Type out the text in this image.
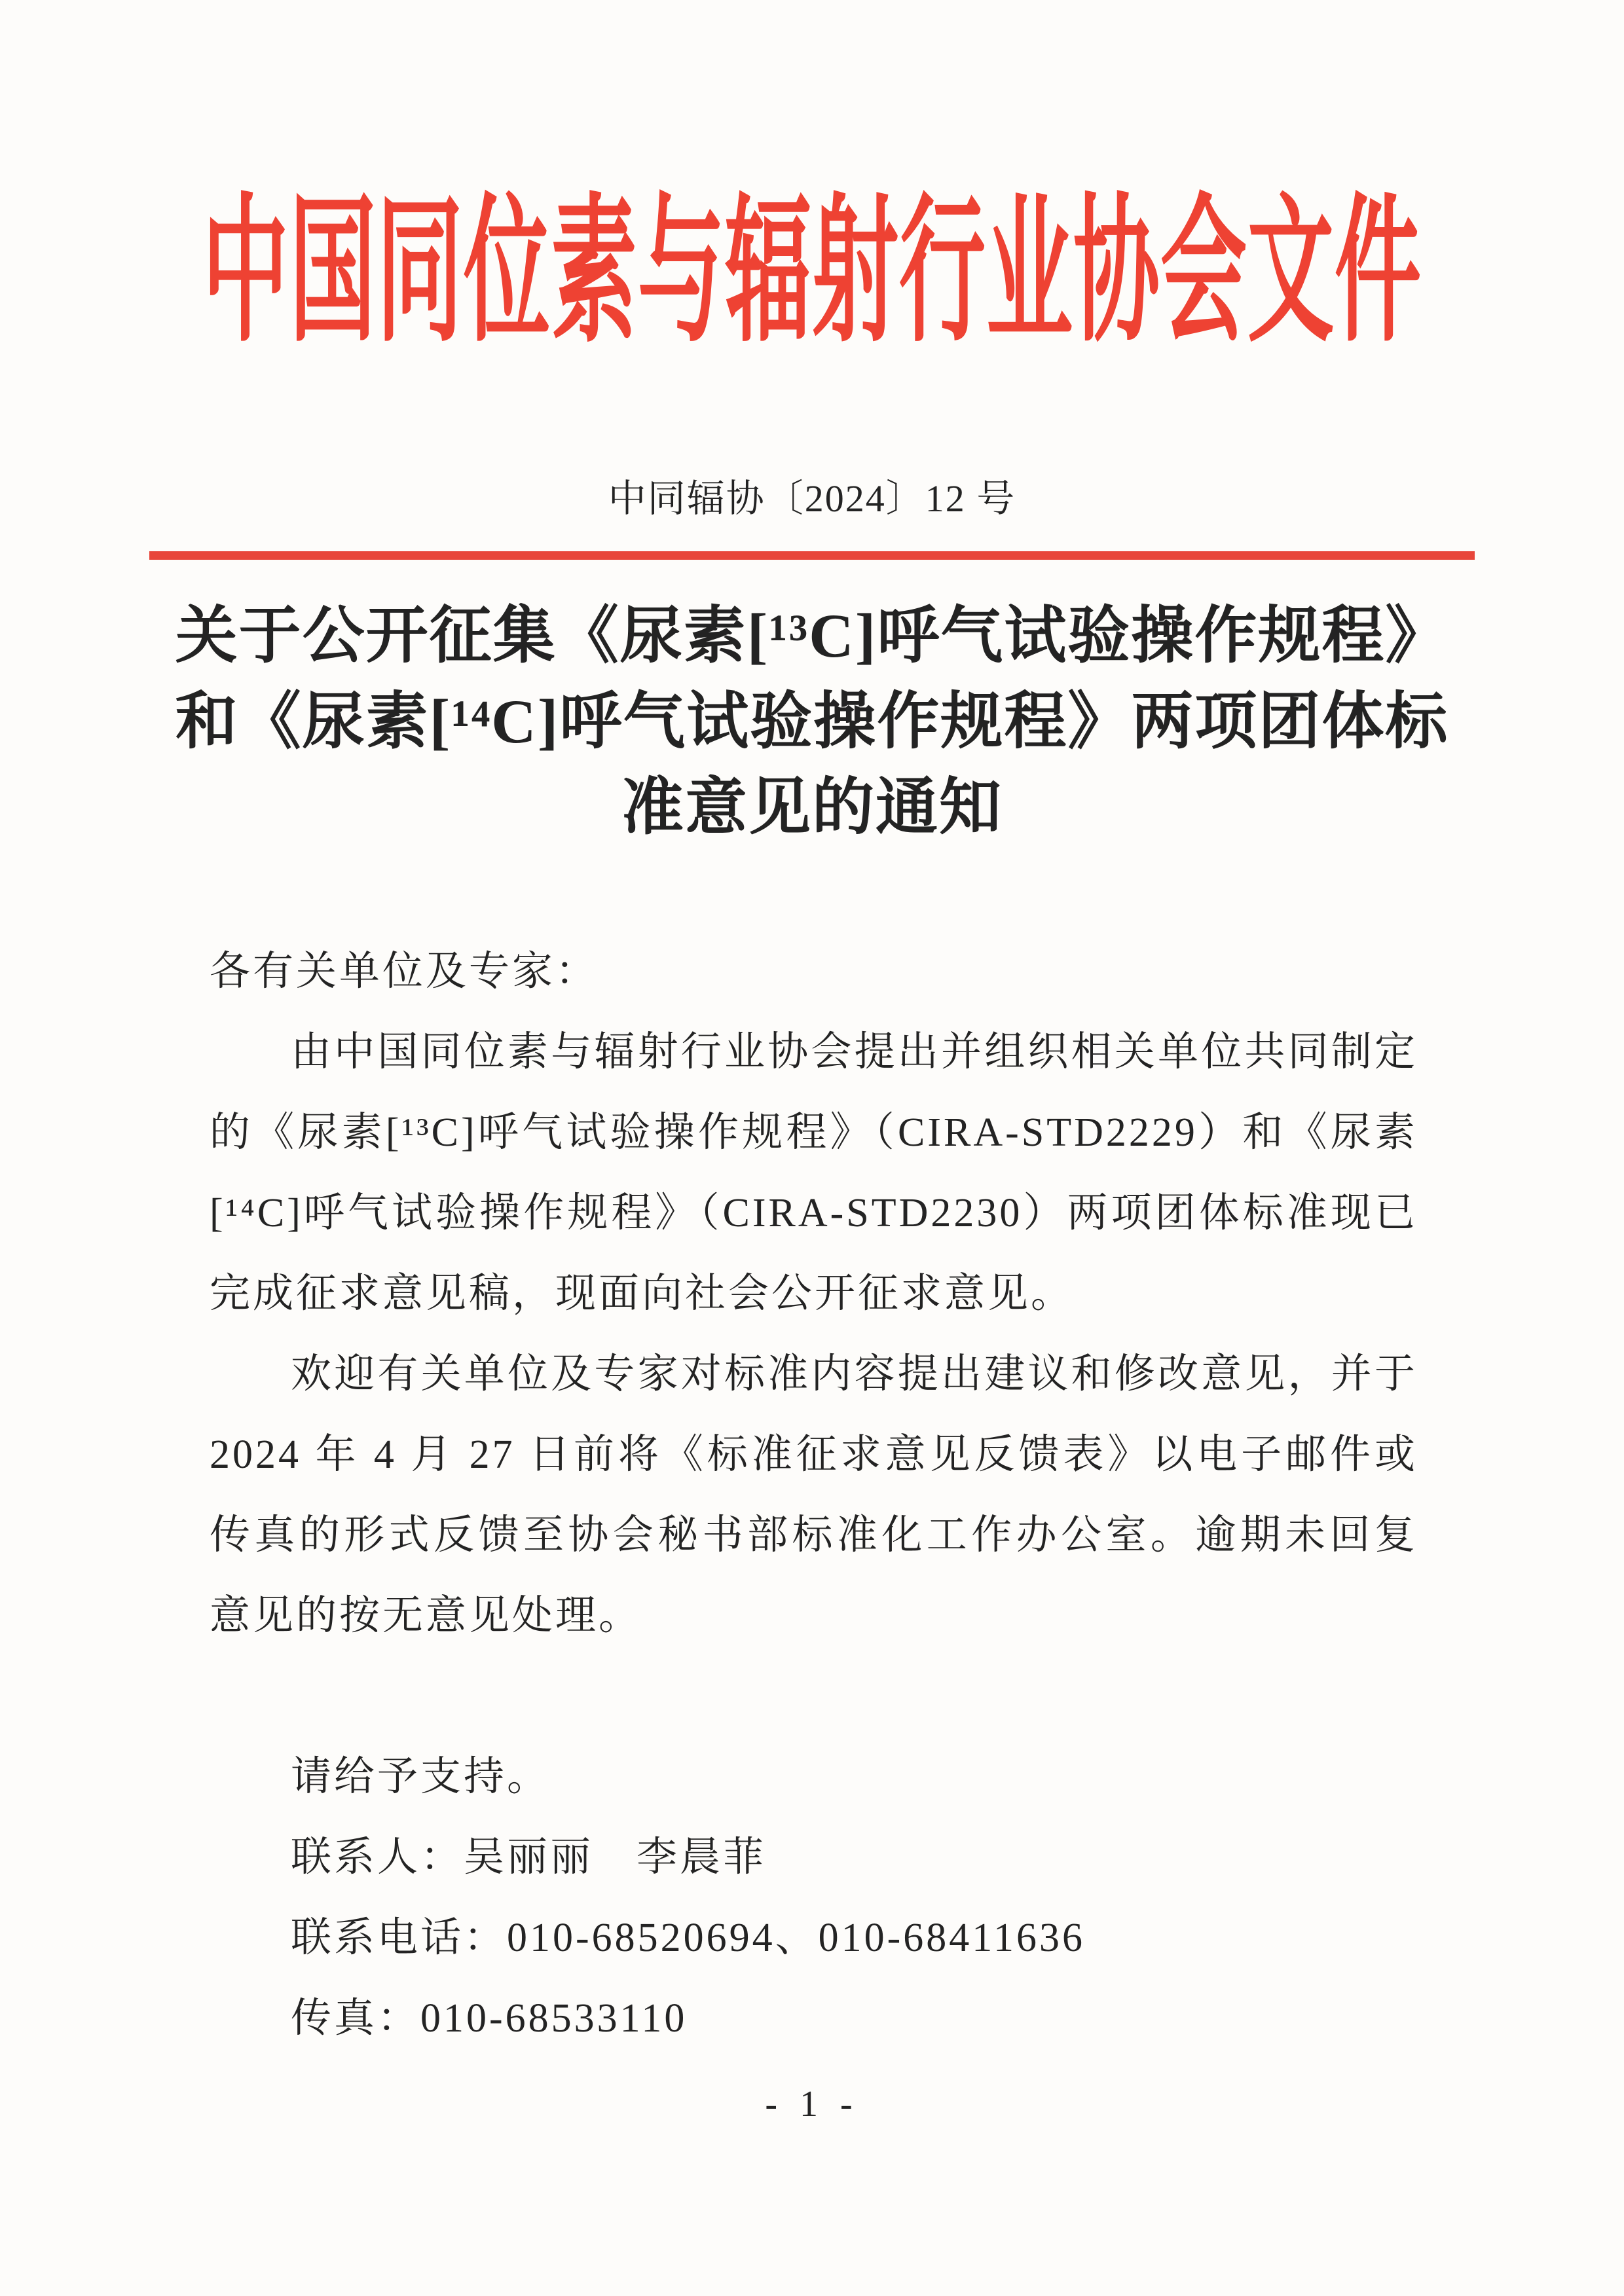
中国同位素与辐射行业协会文件
中同辐协〔2024〕12 号
关于公开征集《尿素[¹³C]呼气试验操作规程》
和《尿素[¹⁴C]呼气试验操作规程》两项团体标
准意见的通知

各有关单位及专家：

由中国同位素与辐射行业协会提出并组织相关单位共同制定的《尿素[¹³C]呼气试验操作规程》（CIRA-STD2229）和《尿素[¹⁴C]呼气试验操作规程》（CIRA-STD2230）两项团体标准现已完成征求意见稿，现面向社会公开征求意见。

欢迎有关单位及专家对标准内容提出建议和修改意见，并于 2024 年 4 月 27 日前将《标准征求意见反馈表》以电子邮件或传真的形式反馈至协会秘书部标准化工作办公室。逾期未回复意见的按无意见处理。

请给予支持。

联系人：吴丽丽　李晨菲

联系电话：010-68520694、010-68411636

传真：010-68533110

- 1 -
